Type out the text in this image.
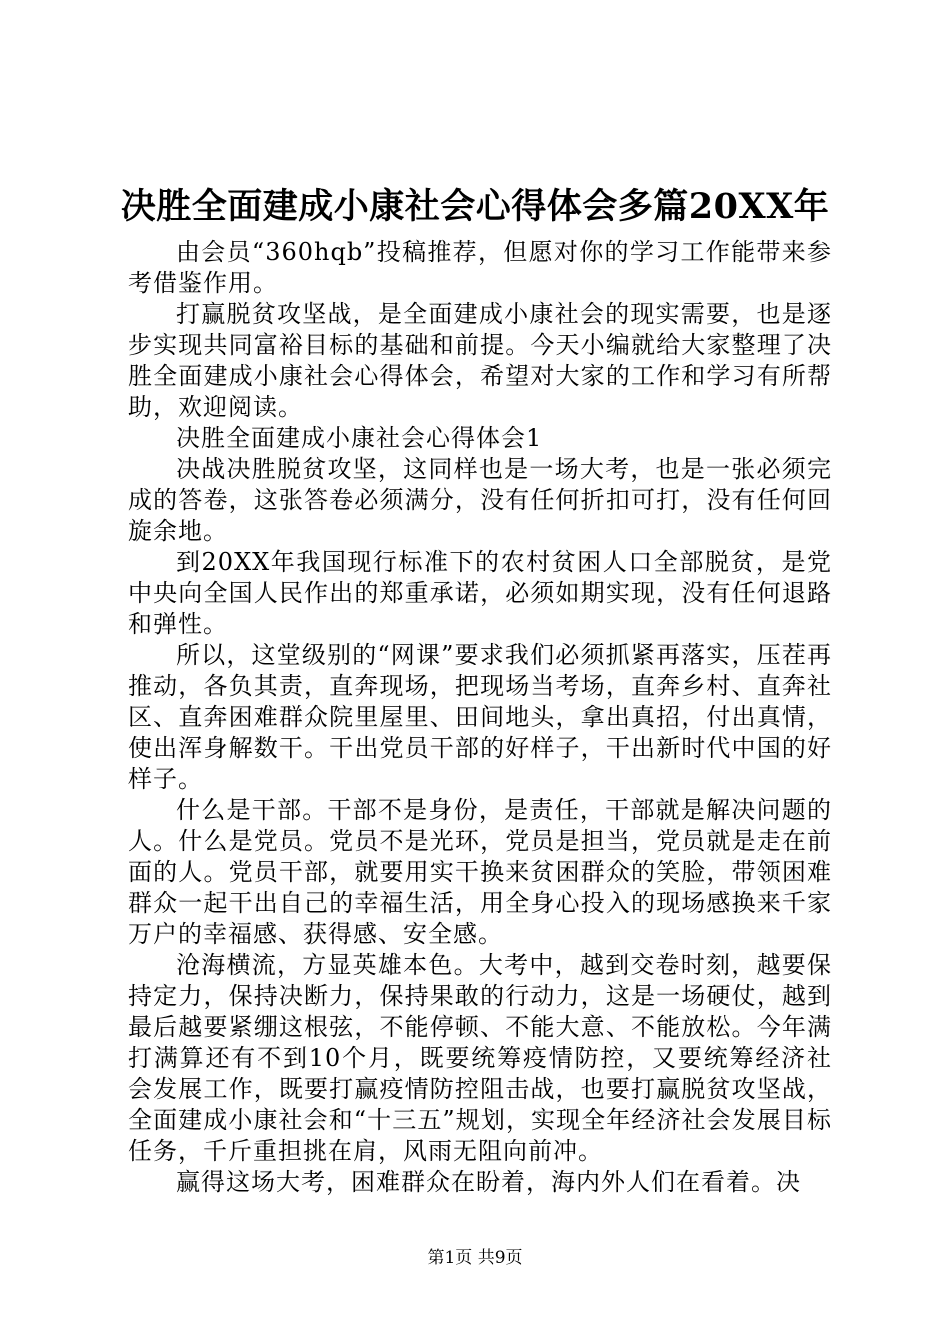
决胜全面建成小康社会心得体会多篇20XX年

由会员“360hqb”投稿推荐，但愿对你的学习工作能带来参考借鉴作用。

打赢脱贫攻坚战，是全面建成小康社会的现实需要，也是逐步实现共同富裕目标的基础和前提。今天小编就给大家整理了决胜全面建成小康社会心得体会，希望对大家的工作和学习有所帮助，欢迎阅读。

决胜全面建成小康社会心得体会1

决战决胜脱贫攻坚，这同样也是一场大考，也是一张必须完成的答卷，这张答卷必须满分，没有任何折扣可打，没有任何回旋余地。

到20XX年我国现行标准下的农村贫困人口全部脱贫，是党中央向全国人民作出的郑重承诺，必须如期实现，没有任何退路和弹性。

所以，这堂级别的“网课”要求我们必须抓紧再落实，压茬再推动，各负其责，直奔现场，把现场当考场，直奔乡村、直奔社区、直奔困难群众院里屋里、田间地头，拿出真招，付出真情，使出浑身解数干。干出党员干部的好样子，干出新时代中国的好样子。

什么是干部。干部不是身份，是责任，干部就是解决问题的人。什么是党员。党员不是光环，党员是担当，党员就是走在前面的人。党员干部，就要用实干换来贫困群众的笑脸，带领困难群众一起干出自己的幸福生活，用全身心投入的现场感换来千家万户的幸福感、获得感、安全感。

沧海横流，方显英雄本色。大考中，越到交卷时刻，越要保持定力，保持决断力，保持果敢的行动力，这是一场硬仗，越到最后越要紧绷这根弦，不能停顿、不能大意、不能放松。今年满打满算还有不到10个月，既要统筹疫情防控，又要统筹经济社会发展工作，既要打赢疫情防控阻击战，也要打赢脱贫攻坚战，全面建成小康社会和“十三五”规划，实现全年经济社会发展目标任务，千斤重担挑在肩，风雨无阻向前冲。

赢得这场大考，困难群众在盼着，海内外人们在看着。决

第1页 共9页
